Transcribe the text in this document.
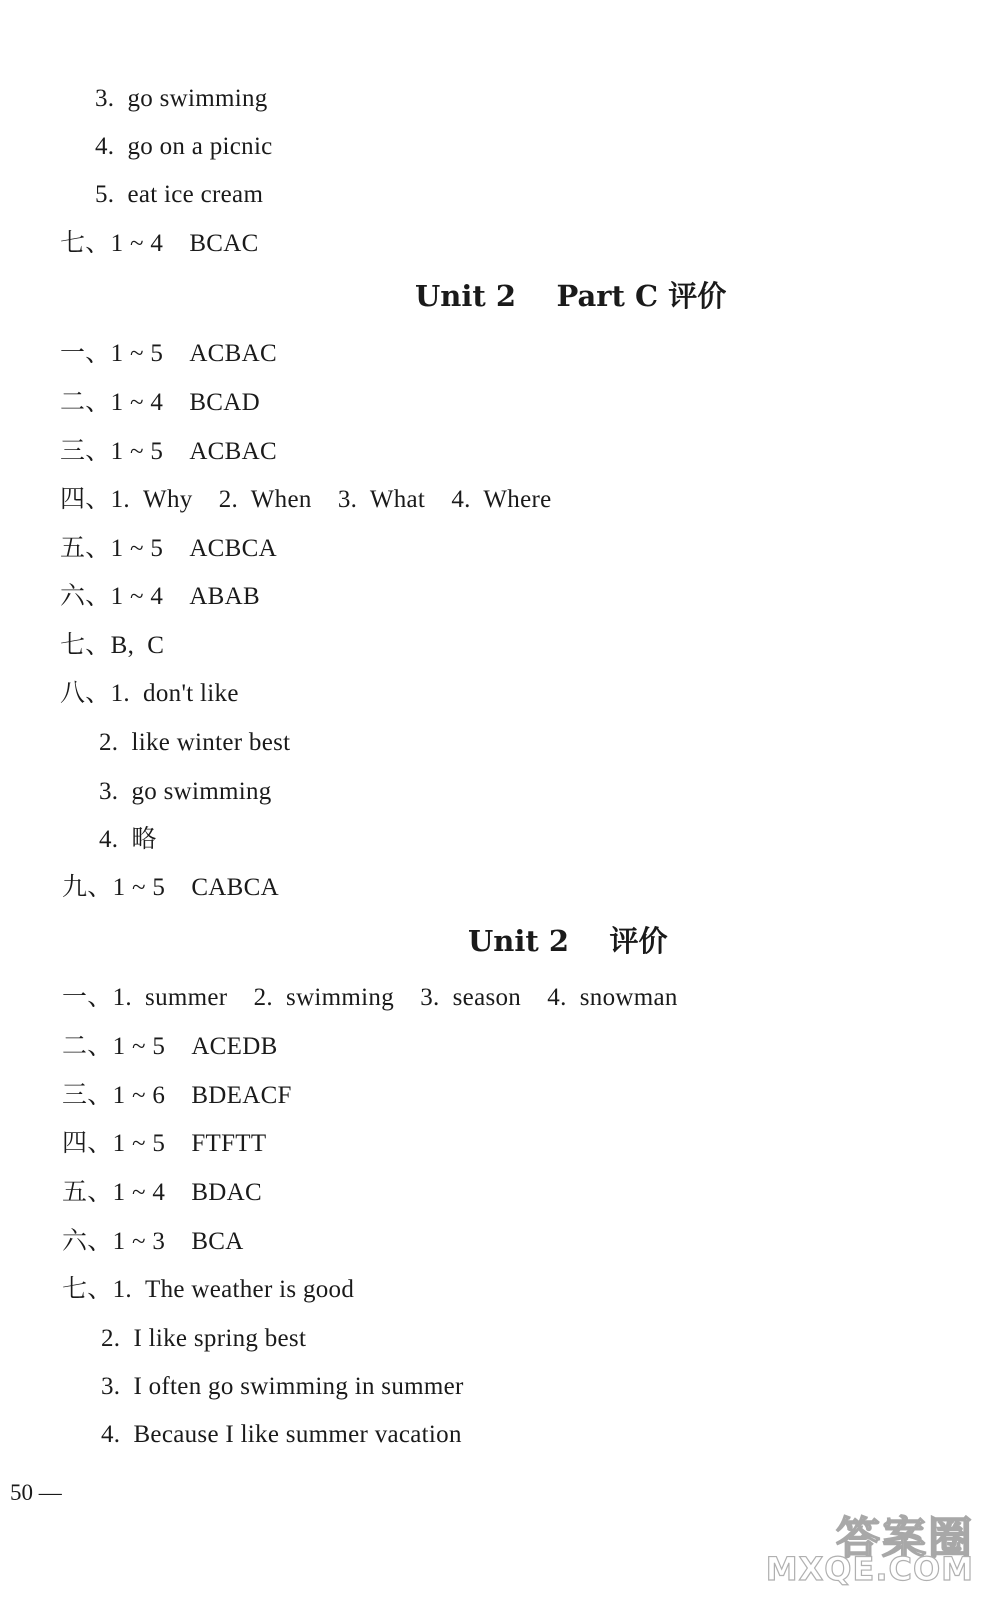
3.  go swimming
4.  go on a picnic
5.  eat ice cream
七、1 ~ 4    BCAC
Unit 2    Part C 评价
一、1 ~ 5    ACBAC
二、1 ~ 4    BCAD
三、1 ~ 5    ACBAC
四、1.  Why    2.  When    3.  What    4.  Where
五、1 ~ 5    ACBCA
六、1 ~ 4    ABAB
七、B,  C
八、1.  don't like
2.  like winter best
3.  go swimming
4.  略
九、1 ~ 5    CABCA
Unit 2    评价
一、1.  summer    2.  swimming    3.  season    4.  snowman
二、1 ~ 5    ACEDB
三、1 ~ 6    BDEACF
四、1 ~ 5    FTFTT
五、1 ~ 4    BDAC
六、1 ~ 3    BCA
七、1.  The weather is good
2.  I like spring best
3.  I often go swimming in summer
4.  Because I like summer vacation
50 —
答案圈
MXQE.COM
